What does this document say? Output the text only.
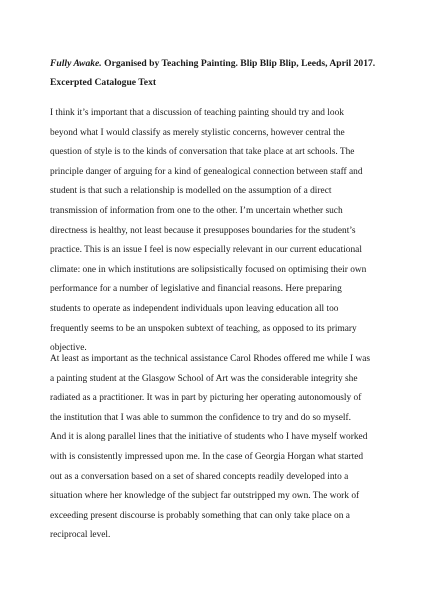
Fully Awake. Organised by Teaching Painting. Blip Blip Blip, Leeds, April 2017.
Excerpted Catalogue Text
I think it’s important that a discussion of teaching painting should try and look
beyond what I would classify as merely stylistic concerns, however central the
question of style is to the kinds of conversation that take place at art schools. The
principle danger of arguing for a kind of genealogical connection between staff and
student is that such a relationship is modelled on the assumption of a direct
transmission of information from one to the other. I’m uncertain whether such
directness is healthy, not least because it presupposes boundaries for the student’s
practice. This is an issue I feel is now especially relevant in our current educational
climate: one in which institutions are solipsistically focused on optimising their own
performance for a number of legislative and financial reasons. Here preparing
students to operate as independent individuals upon leaving education all too
frequently seems to be an unspoken subtext of teaching, as opposed to its primary
objective.
At least as important as the technical assistance Carol Rhodes offered me while I was
a painting student at the Glasgow School of Art was the considerable integrity she
radiated as a practitioner. It was in part by picturing her operating autonomously of
the institution that I was able to summon the confidence to try and do so myself.
And it is along parallel lines that the initiative of students who I have myself worked
with is consistently impressed upon me. In the case of Georgia Horgan what started
out as a conversation based on a set of shared concepts readily developed into a
situation where her knowledge of the subject far outstripped my own. The work of
exceeding present discourse is probably something that can only take place on a
reciprocal level.
